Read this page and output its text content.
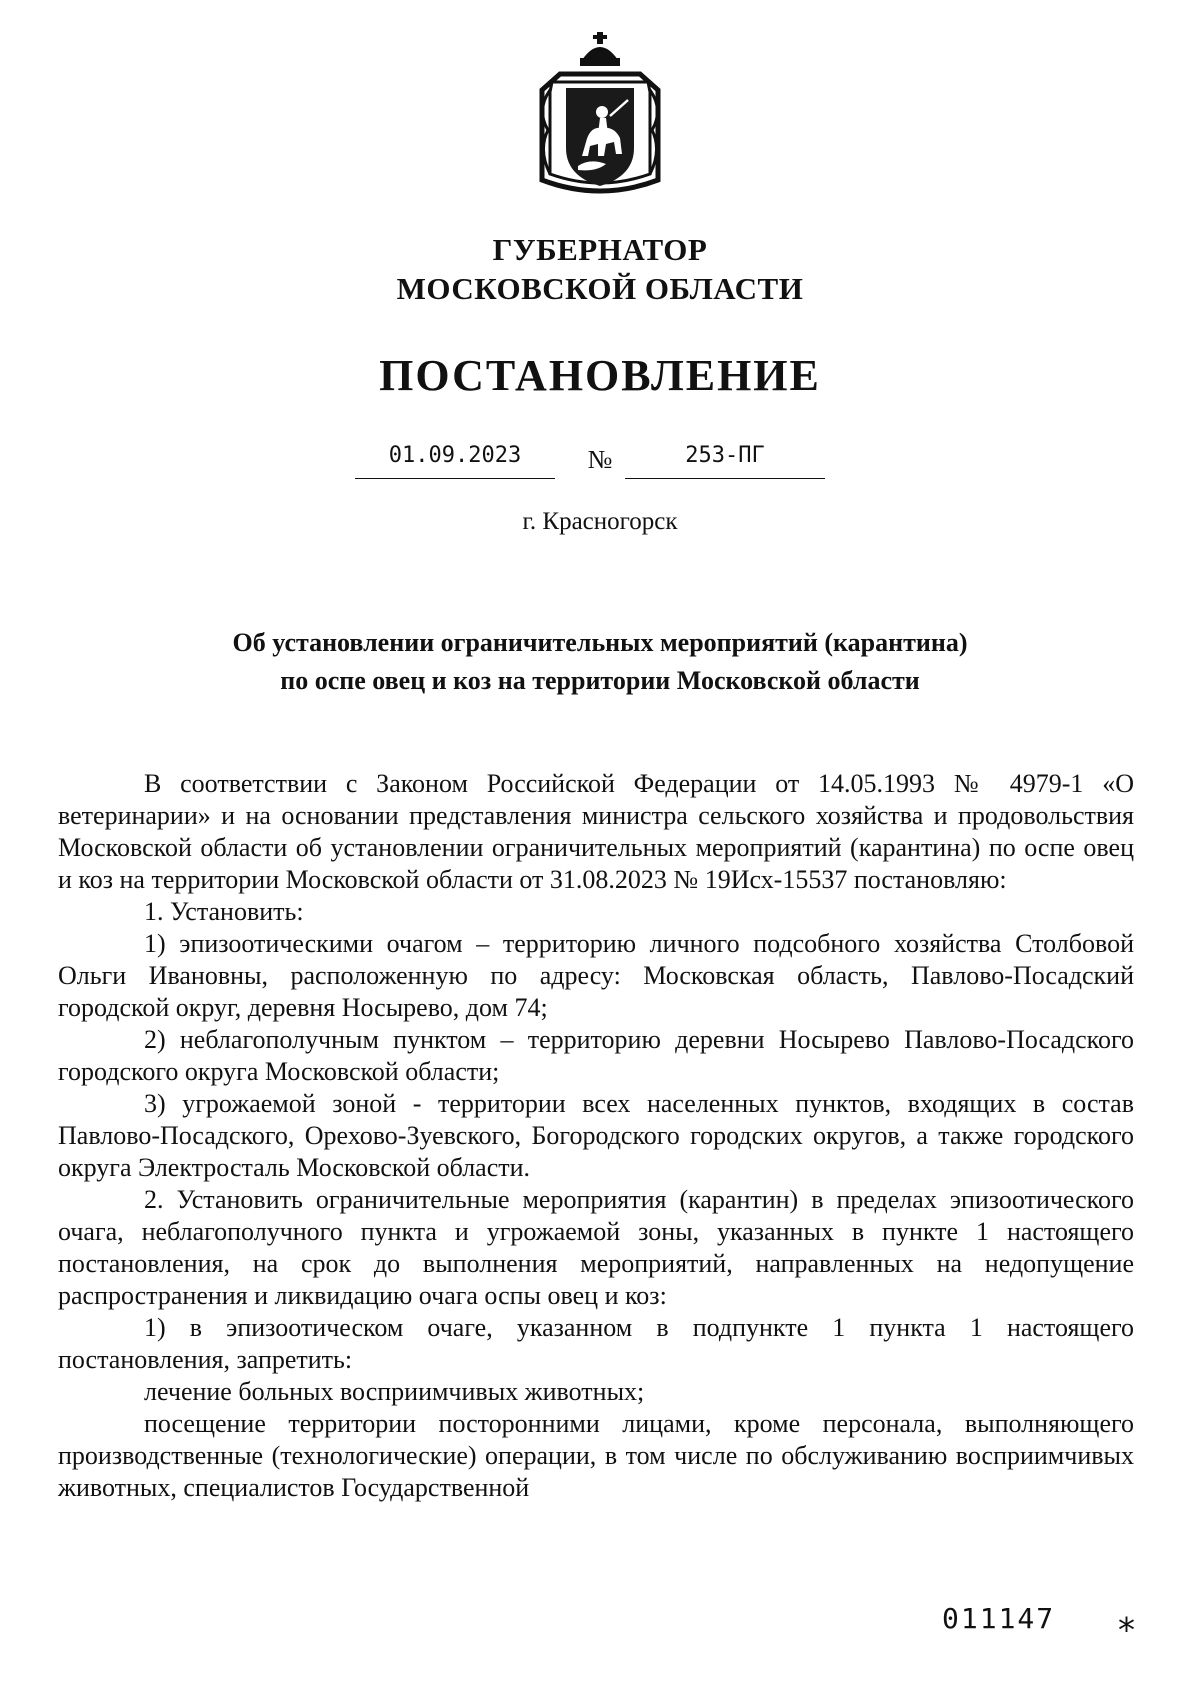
ГУБЕРНАТОР
МОСКОВСКОЙ ОБЛАСТИ
ПОСТАНОВЛЕНИЕ
01.09.2023	№	253-ПГ
г. Красногорск
Об установлении ограничительных мероприятий (карантина)
по оспе овец и коз на территории Московской области

В соответствии с Законом Российской Федерации от 14.05.1993 № 4979-1 «О ветеринарии» и на основании представления министра сельского хозяйства и продовольствия Московской области об установлении ограничительных мероприятий (карантина) по оспе овец и коз на территории Московской области от 31.08.2023 № 19Исх-15537 постановляю:

1. Установить:

1) эпизоотическими очагом – территорию личного подсобного хозяйства Столбовой Ольги Ивановны, расположенную по адресу: Московская область, Павлово-Посадский городской округ, деревня Носырево, дом 74;

2) неблагополучным пунктом – территорию деревни Носырево Павлово-Посадского городского округа Московской области;

3) угрожаемой зоной - территории всех населенных пунктов, входящих в состав Павлово-Посадского, Орехово-Зуевского, Богородского городских округов, а также городского округа Электросталь Московской области.

2. Установить ограничительные мероприятия (карантин) в пределах эпизоотического очага, неблагополучного пункта и угрожаемой зоны, указанных в пункте 1 настоящего постановления, на срок до выполнения мероприятий, направленных на недопущение распространения и ликвидацию очага оспы овец и коз:

1) в эпизоотическом очаге, указанном в подпункте 1 пункта 1 настоящего постановления, запретить:

лечение больных восприимчивых животных;

посещение территории посторонними лицами, кроме персонала, выполняющего производственные (технологические) операции, в том числе по обслуживанию восприимчивых животных, специалистов Государственной

011147 ⁎
